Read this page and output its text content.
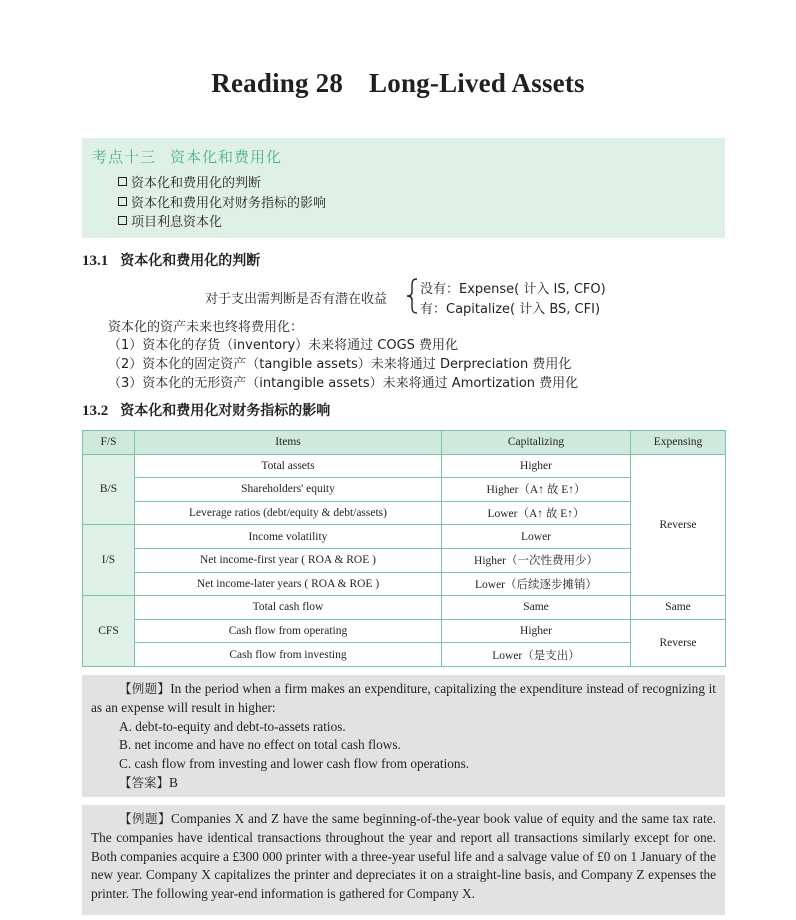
Reading 28 Long-Lived Assets
考点十三 资本化和费用化
资本化和费用化的判断
资本化和费用化对财务指标的影响
项目利息资本化
13.1 资本化和费用化的判断
对于支出需判断是否有潜在收益
没有：Expense( 计入 IS, CFO)
有：Capitalize( 计入 BS, CFI)
资本化的资产未来也终将费用化：
（1）资本化的存货（inventory）未来将通过 COGS 费用化
（2）资本化的固定资产（tangible assets）未来将通过 Derpreciation 费用化
（3）资本化的无形资产（intangible assets）未来将通过 Amortization 费用化
13.2 资本化和费用化对财务指标的影响
F/S	Items	Capitalizing	Expensing
B/S	Total assets	Higher	Reverse
	Shareholders' equity	Higher（A↑ 故 E↑）	
	Leverage ratios (debt/equity & debt/assets)	Lower（A↑ 故 E↑）	
I/S	Income volatility	Lower	
	Net income-first year ( ROA & ROE )	Higher（一次性费用少）	
	Net income-later years ( ROA & ROE )	Lower（后续逐步摊销）	
CFS	Total cash flow	Same	Same
	Cash flow from operating	Higher	Reverse
	Cash flow from investing	Lower（是支出）	

【例题】In the period when a firm makes an expenditure, capitalizing the expenditure instead of recognizing it as an expense will result in higher:

A. debt-to-equity and debt-to-assets ratios.

B. net income and have no effect on total cash flows.

C. cash flow from investing and lower cash flow from operations.

【答案】B

【例题】Companies X and Z have the same beginning-of-the-year book value of equity and the same tax rate. The companies have identical transactions throughout the year and report all transactions similarly except for one. Both companies acquire a £300 000 printer with a three-year useful life and a salvage value of £0 on 1 January of the new year. Company X capitalizes the printer and depreciates it on a straight-line basis, and Company Z expenses the printer. The following year-end information is gathered for Company X.
